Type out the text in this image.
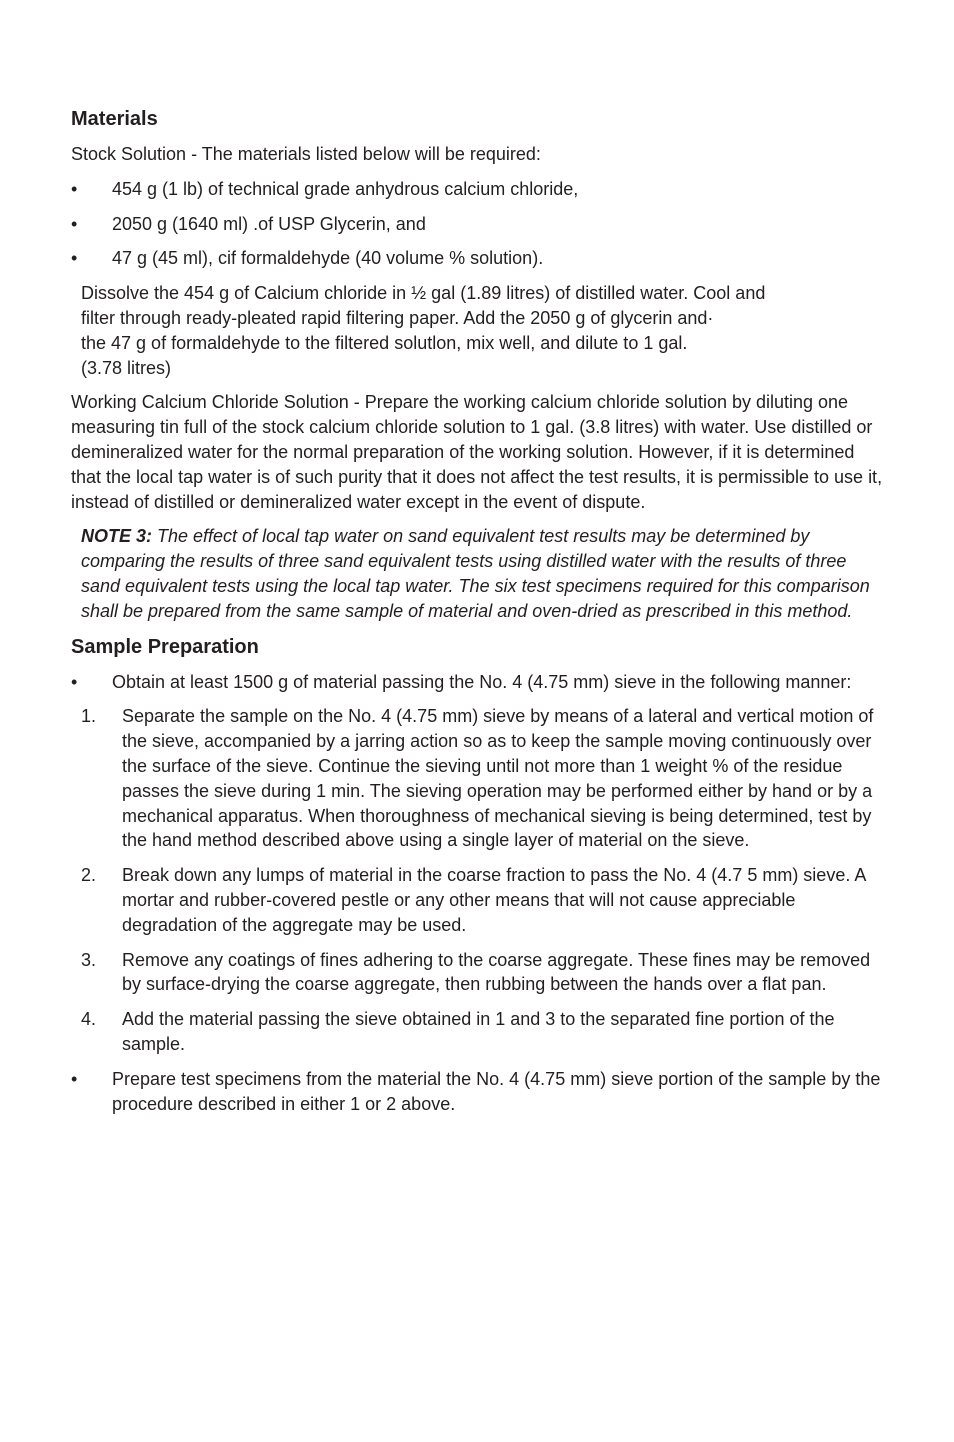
Materials

Stock Solution - The materials listed below will be required:

•	454 g (1 lb) of technical grade anhydrous calcium chloride,
•	2050 g (1640 ml) .of USP Glycerin, and
•	47 g (45 ml), cif formaldehyde (40 volume % solution).
Dissolve the 454 g of Calcium chloride in ½ gal (1.89 litres) of distilled water. Cool and
filter through ready-pleated rapid filtering paper. Add the 2050 g of glycerin and·
the 47 g of formaldehyde to the filtered solutlon, mix well, and dilute to 1 gal.
(3.78 litres)

Working Calcium Chloride Solution - Prepare the working calcium chloride solution by diluting one measuring tin full of the stock calcium chloride solution to 1 gal. (3.8 litres) with water. Use distilled or demineralized water for the normal preparation of the working solution. However, if it is determined that the local tap water is of such purity that it does not affect the test results, it is permissible to use it, instead of distilled or demineralized water except in the event of dispute.

NOTE 3: The effect of local tap water on sand equivalent test results may be determined by comparing the results of three sand equivalent tests using distilled water with the results of three sand equivalent tests using the local tap water. The six test specimens required for this comparison shall be prepared from the same sample of material and oven-dried as prescribed in this method.

Sample Preparation
•	Obtain at least 1500 g of material passing the No. 4 (4.75 mm) sieve in the following manner:
1. Separate the sample on the No. 4 (4.75 mm) sieve by means of a lateral and vertical motion of the sieve, accompanied by a jarring action so as to keep the sample moving continuously over the surface of the sieve. Continue the sieving until not more than 1 weight % of the residue passes the sieve during 1 min. The sieving operation may be performed either by hand or by a mechanical apparatus. When thoroughness of mechanical sieving is being determined, test by the hand method described above using a single layer of material on the sieve.
2. Break down any lumps of material in the coarse fraction to pass the No. 4 (4.7 5 mm) sieve. A mortar and rubber-covered pestle or any other means that will not cause appreciable degradation of the aggregate may be used.
3. Remove any coatings of fines adhering to the coarse aggregate. These fines may be removed by surface-drying the coarse aggregate, then rubbing between the hands over a flat pan.
4. Add the material passing the sieve obtained in 1 and 3 to the separated fine portion of the sample.
•	Prepare test specimens from the material the No. 4 (4.75 mm) sieve portion of the sample by the procedure described in either 1 or 2 above.
